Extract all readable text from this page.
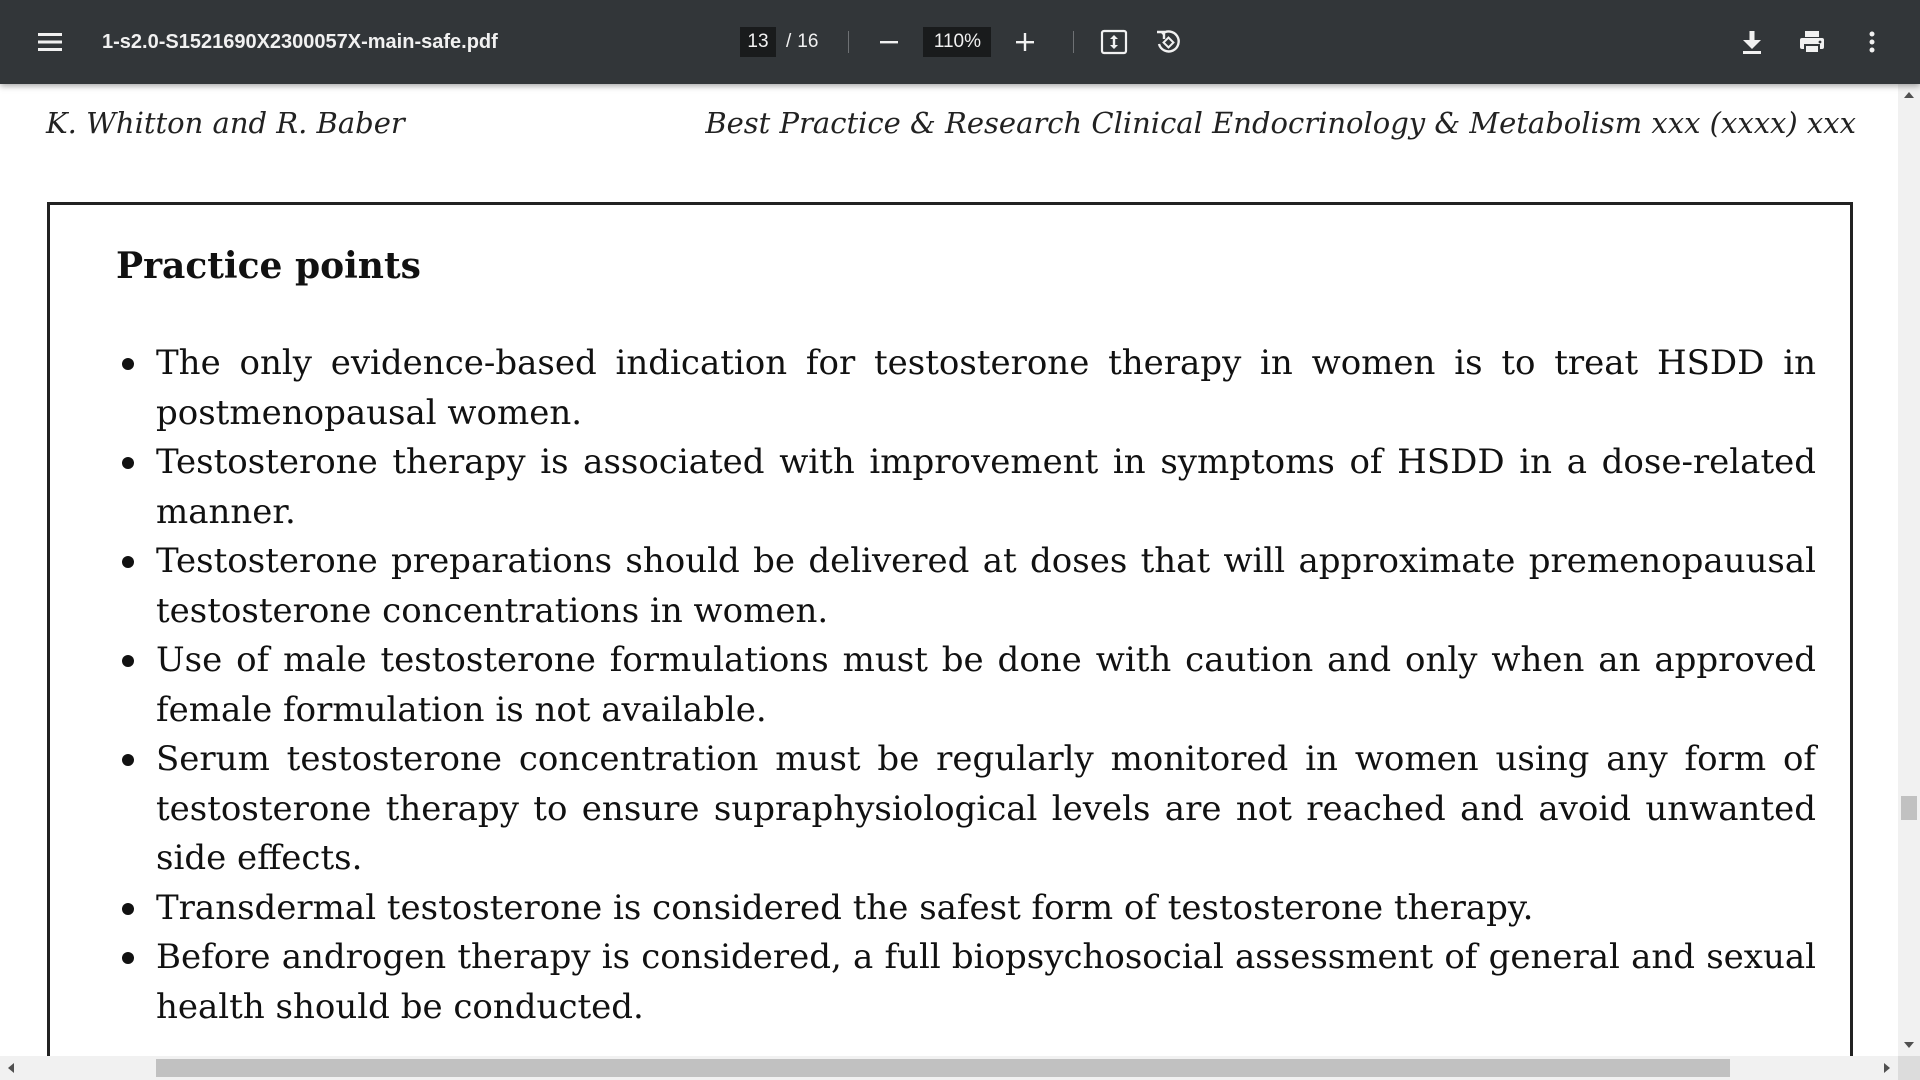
1-s2.0-S1521690X2300057X-main-safe.pdf
13	/ 16
110%
K. Whitton and R. Baber	Best Practice & Research Clinical Endocrinology & Metabolism xxx (xxxx) xxx
Practice points
The only evidence-based indication for testosterone therapy in women is to treat HSDD in postmenopausal women.
Testosterone therapy is associated with improvement in symptoms of HSDD in a dose-related manner.
Testosterone preparations should be delivered at doses that will approximate premenopauusal testosterone concentrations in women.
Use of male testosterone formulations must be done with caution and only when an approved female formulation is not available.
Serum testosterone concentration must be regularly monitored in women using any form of testosterone therapy to ensure supraphysiological levels are not reached and avoid unwanted side effects.
Transdermal testosterone is considered the safest form of testosterone therapy.
Before androgen therapy is considered, a full biopsychosocial assessment of general and sexual health should be conducted.
